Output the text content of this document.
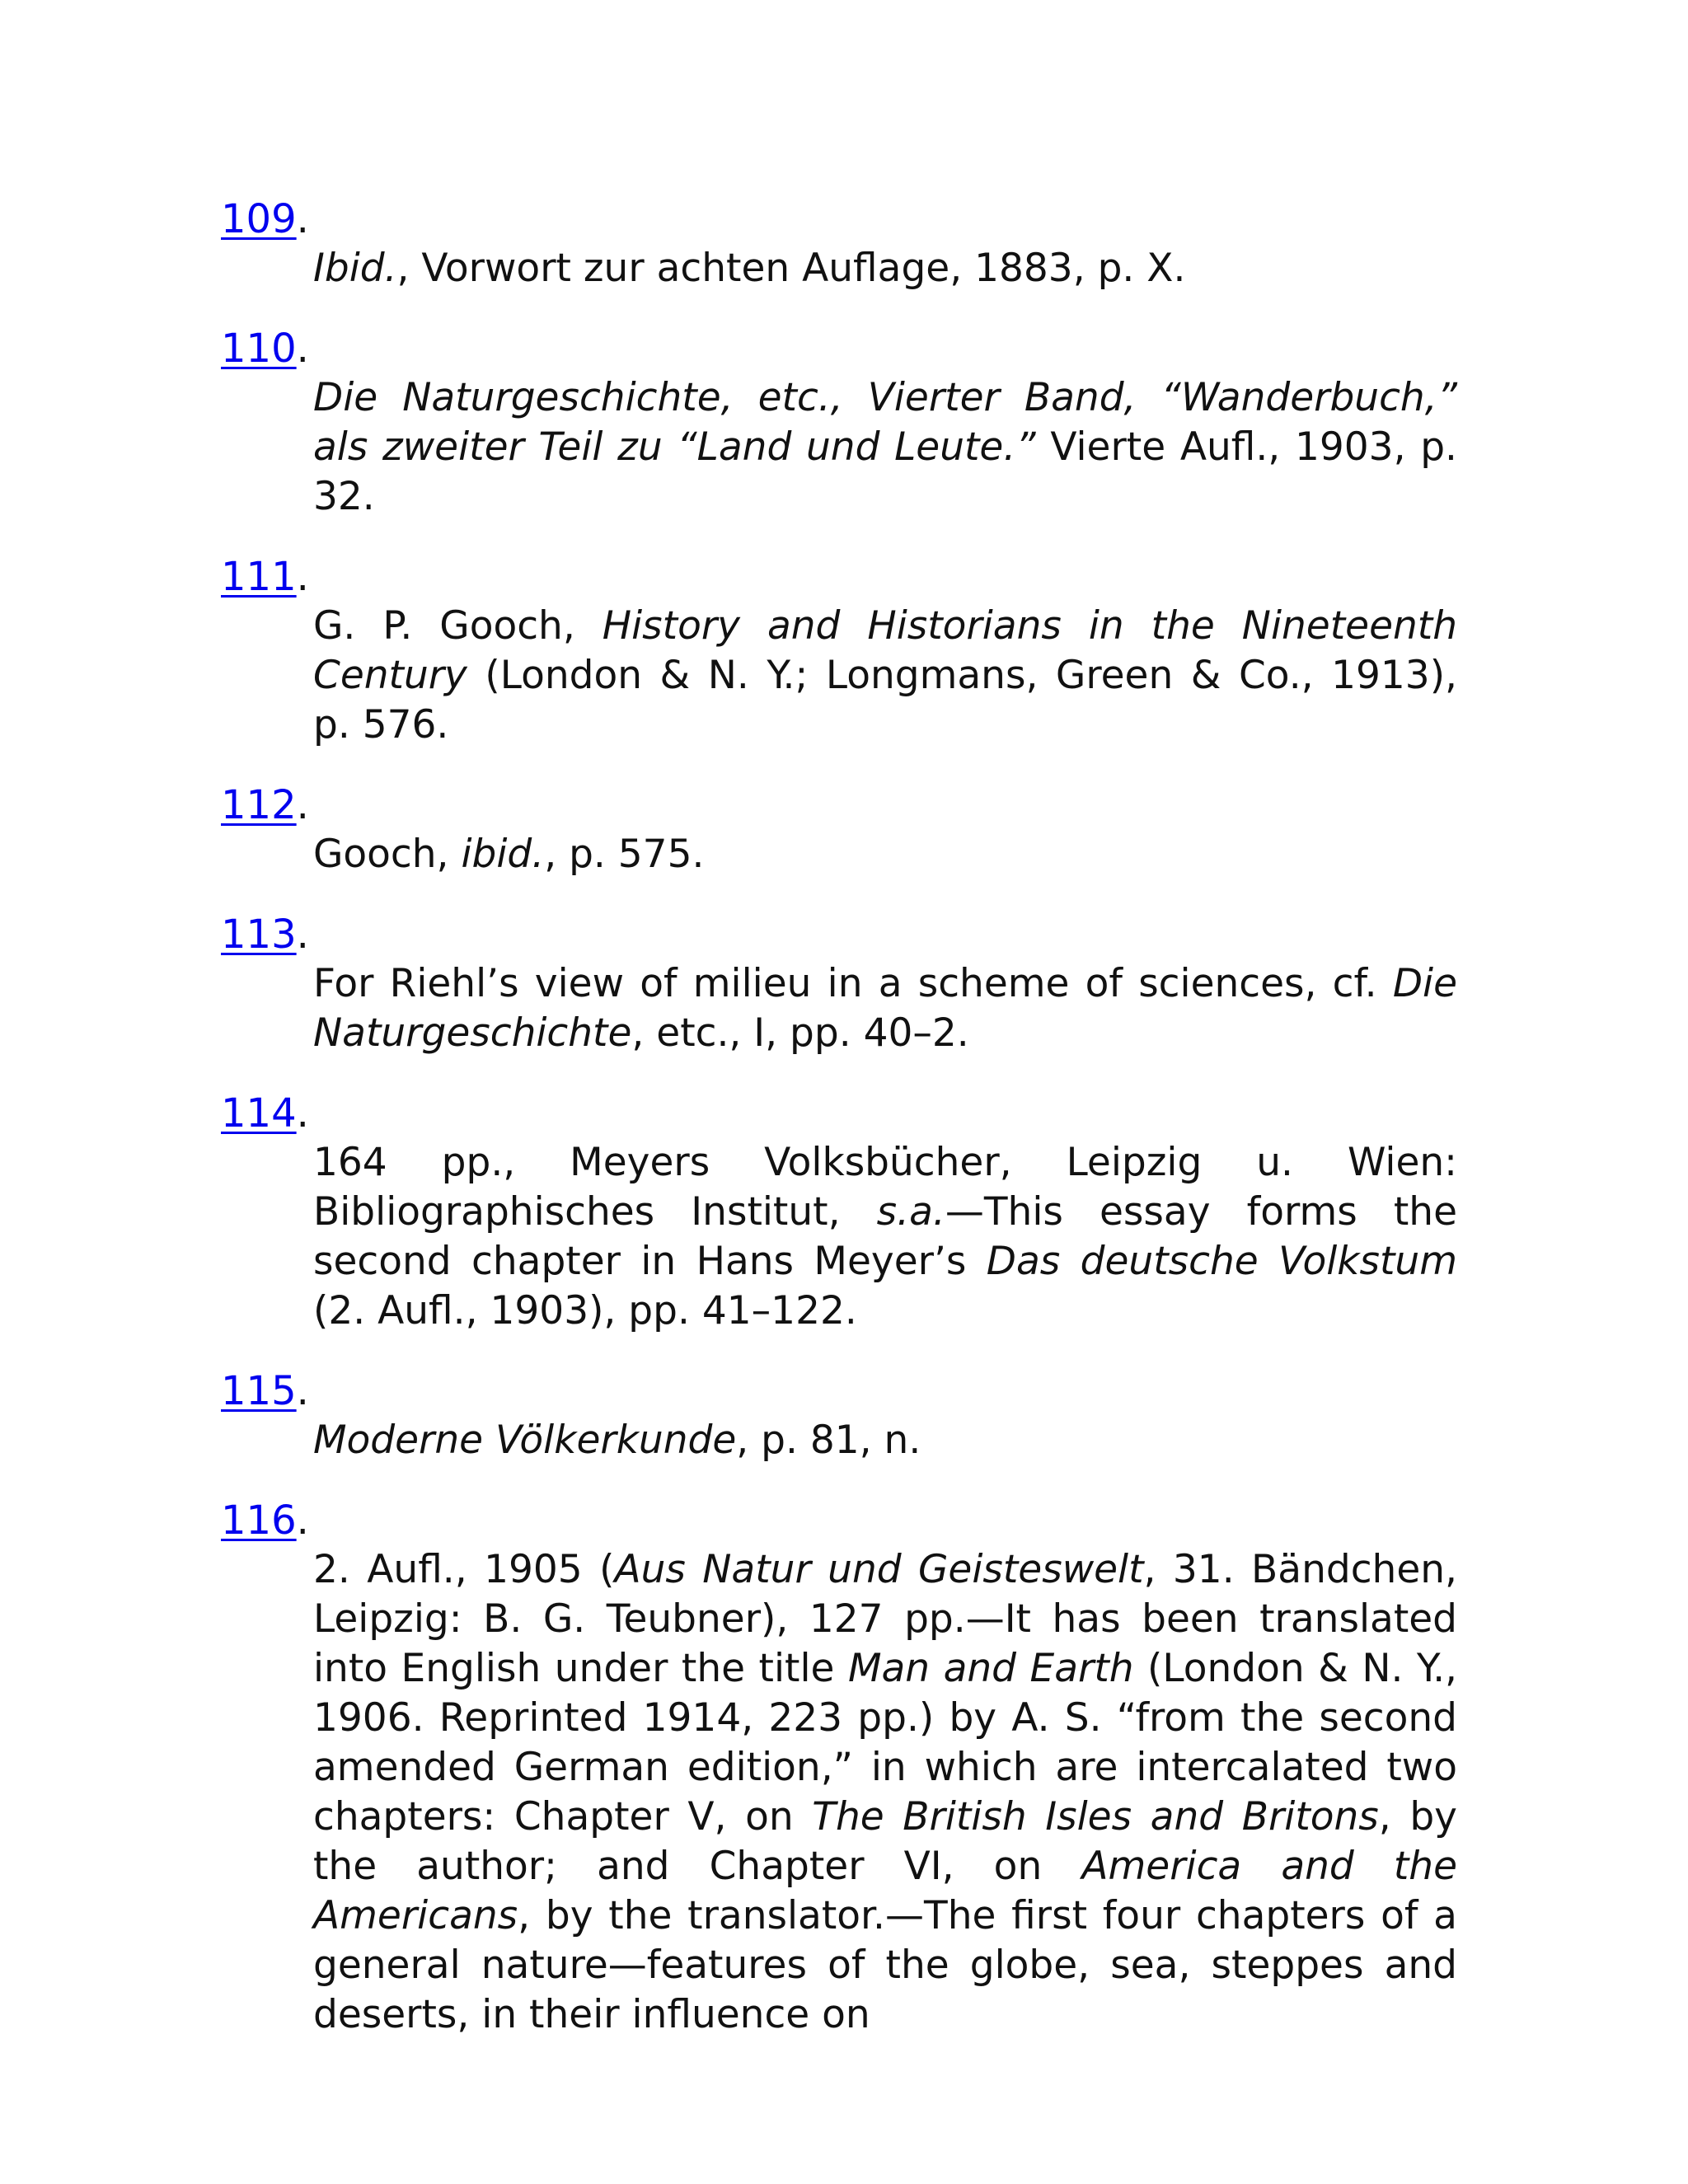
109.
Ibid., Vorwort zur achten Auflage, 1883, p. X.
110.
Die Naturgeschichte, etc., Vierter Band, “Wanderbuch,” als zweiter Teil zu “Land und Leute.” Vierte Aufl., 1903, p. 32.
111.
G. P. Gooch, History and Historians in the Nineteenth Century (London & N. Y.; Longmans, Green & Co., 1913), p. 576.
112.
Gooch, ibid., p. 575.
113.
For Riehl’s view of milieu in a scheme of sciences, cf. Die Naturgeschichte, etc., I, pp. 40–2.
114.
164 pp., Meyers Volksbücher, Leipzig u. Wien: Bibliographisches Institut, s.a.—This essay forms the second chapter in Hans Meyer’s Das deutsche Volkstum (2. Aufl., 1903), pp. 41–122.
115.
Moderne Völkerkunde, p. 81, n.
116.
2. Aufl., 1905 (Aus Natur und Geisteswelt, 31. Bändchen, Leipzig: B. G. Teubner), 127 pp.—It has been translated into English under the title Man and Earth (London & N. Y., 1906. Reprinted 1914, 223 pp.) by A. S. “from the second amended German edition,” in which are intercalated two chapters: Chapter V, on The British Isles and Britons, by the author; and Chapter VI, on America and the Americans, by the translator.—The first four chapters of a general nature—features of the globe, sea, steppes and deserts, in their influence on
